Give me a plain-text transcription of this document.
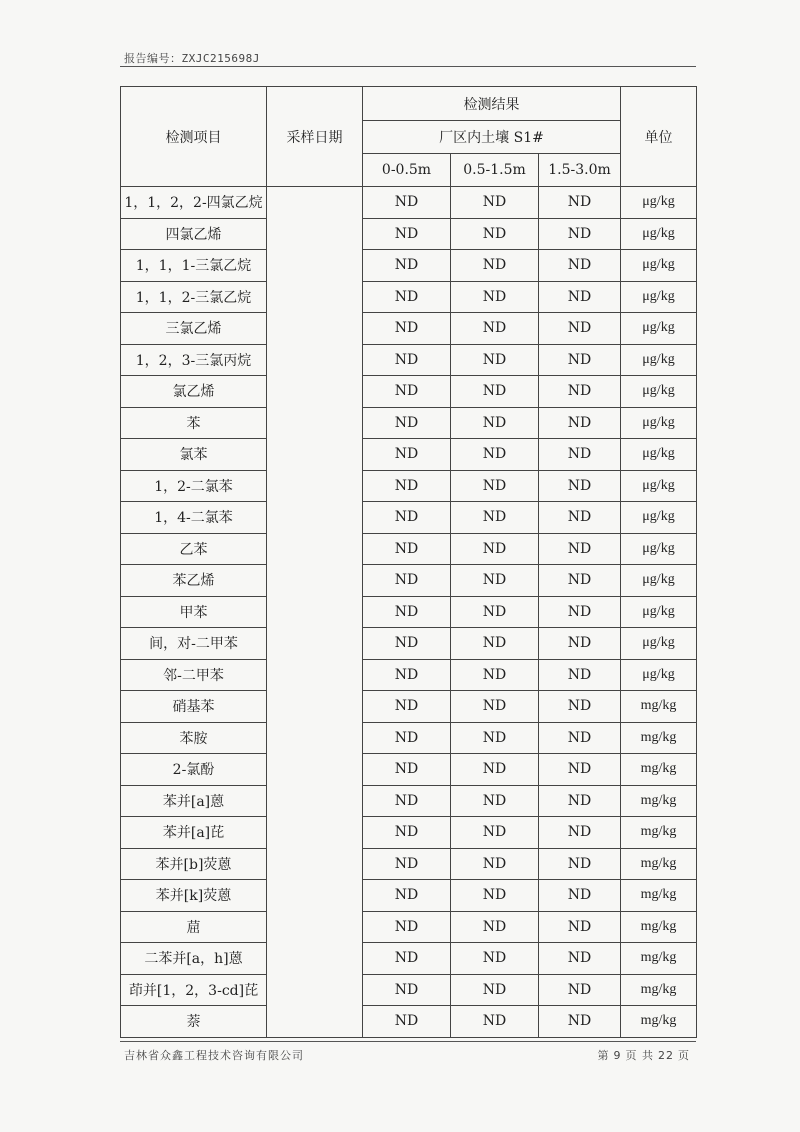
报告编号：ZXJC215698J
检测项目	采样日期	检测结果			单位
		厂区内土壤 S1#			
		0-0.5m	0.5-1.5m	1.5-3.0m	
1，1，2，2-四氯乙烷		ND	ND	ND	μg/kg
四氯乙烯		ND	ND	ND	μg/kg
1，1，1-三氯乙烷		ND	ND	ND	μg/kg
1，1，2-三氯乙烷		ND	ND	ND	μg/kg
三氯乙烯		ND	ND	ND	μg/kg
1，2，3-三氯丙烷		ND	ND	ND	μg/kg
氯乙烯		ND	ND	ND	μg/kg
苯		ND	ND	ND	μg/kg
氯苯		ND	ND	ND	μg/kg
1，2-二氯苯		ND	ND	ND	μg/kg
1，4-二氯苯		ND	ND	ND	μg/kg
乙苯		ND	ND	ND	μg/kg
苯乙烯		ND	ND	ND	μg/kg
甲苯		ND	ND	ND	μg/kg
间，对-二甲苯		ND	ND	ND	μg/kg
邻-二甲苯		ND	ND	ND	μg/kg
硝基苯		ND	ND	ND	mg/kg
苯胺		ND	ND	ND	mg/kg
2-氯酚		ND	ND	ND	mg/kg
苯并[a]蒽		ND	ND	ND	mg/kg
苯并[a]芘		ND	ND	ND	mg/kg
苯并[b]荧蒽		ND	ND	ND	mg/kg
苯并[k]荧蒽		ND	ND	ND	mg/kg
䓛		ND	ND	ND	mg/kg
二苯并[a，h]蒽		ND	ND	ND	mg/kg
茚并[1，2，3-cd]芘		ND	ND	ND	mg/kg
萘		ND	ND	ND	mg/kg
吉林省众鑫工程技术咨询有限公司	第 9 页 共 22 页
